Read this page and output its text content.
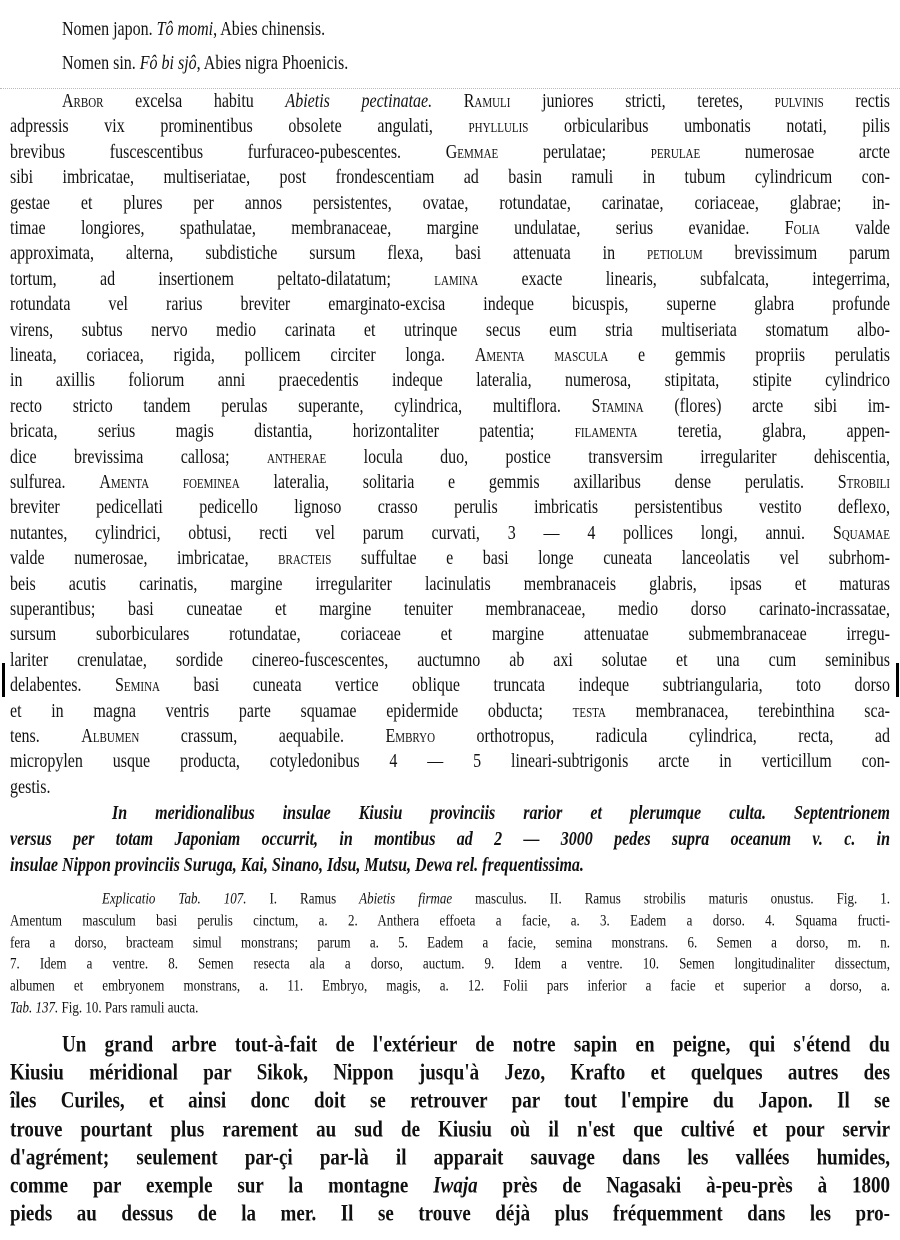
Nomen japon. Tô momi, Abies chinensis.
Nomen sin. Fô bi sjô, Abies nigra Phoenicis.
Arbor excelsa habitu Abietis pectinatae. Ramuli juniores stricti, teretes, pulvinis rectis
adpressis vix prominentibus obsolete angulati, phyllulis orbicularibus umbonatis notati, pilis
brevibus fuscescentibus furfuraceo-pubescentes. Gemmae perulatae; perulae numerosae arcte
sibi imbricatae, multiseriatae, post frondescentiam ad basin ramuli in tubum cylindricum con-
gestae et plures per annos persistentes, ovatae, rotundatae, carinatae, coriaceae, glabrae; in-
timae longiores, spathulatae, membranaceae, margine undulatae, serius evanidae. Folia valde
approximata, alterna, subdistiche sursum flexa, basi attenuata in petiolum brevissimum parum
tortum, ad insertionem peltato-dilatatum; lamina exacte linearis, subfalcata, integerrima,
rotundata vel rarius breviter emarginato-excisa indeque bicuspis, superne glabra profunde
virens, subtus nervo medio carinata et utrinque secus eum stria multiseriata stomatum albo-
lineata, coriacea, rigida, pollicem circiter longa. Amenta mascula e gemmis propriis perulatis
in axillis foliorum anni praecedentis indeque lateralia, numerosa, stipitata, stipite cylindrico
recto stricto tandem perulas superante, cylindrica, multiflora. Stamina (flores) arcte sibi im-
bricata, serius magis distantia, horizontaliter patentia; filamenta teretia, glabra, appen-
dice brevissima callosa; antherae locula duo, postice transversim irregulariter dehiscentia,
sulfurea. Amenta foeminea lateralia, solitaria e gemmis axillaribus dense perulatis. Strobili
breviter pedicellati pedicello lignoso crasso perulis imbricatis persistentibus vestito deflexo,
nutantes, cylindrici, obtusi, recti vel parum curvati, 3 — 4 pollices longi, annui. Squamae
valde numerosae, imbricatae, bracteis suffultae e basi longe cuneata lanceolatis vel subrhom-
beis acutis carinatis, margine irregulariter lacinulatis membranaceis glabris, ipsas et maturas
superantibus; basi cuneatae et margine tenuiter membranaceae, medio dorso carinato-incrassatae,
sursum suborbiculares rotundatae, coriaceae et margine attenuatae submembranaceae irregu-
lariter crenulatae, sordide cinereo-fuscescentes, auctumno ab axi solutae et una cum seminibus
delabentes. Semina basi cuneata vertice oblique truncata indeque subtriangularia, toto dorso
et in magna ventris parte squamae epidermide obducta; testa membranacea, terebinthina sca-
tens. Albumen crassum, aequabile. Embryo orthotropus, radicula cylindrica, recta, ad
micropylen usque producta, cotyledonibus 4 — 5 lineari-subtrigonis arcte in verticillum con-
gestis.
In meridionalibus insulae Kiusiu provinciis rarior et plerumque culta. Septentrionem
versus per totam Japoniam occurrit, in montibus ad 2 — 3000 pedes supra oceanum v. c. in
insulae Nippon provinciis Suruga, Kai, Sinano, Idsu, Mutsu, Dewa rel. frequentissima.
Explicatio Tab. 107. I. Ramus Abietis firmae masculus. II. Ramus strobilis maturis onustus. Fig. 1.
Amentum masculum basi perulis cinctum, a. 2. Anthera effoeta a facie, a. 3. Eadem a dorso. 4. Squama fructi-
fera a dorso, bracteam simul monstrans; parum a. 5. Eadem a facie, semina monstrans. 6. Semen a dorso, m. n.
7. Idem a ventre. 8. Semen resecta ala a dorso, auctum. 9. Idem a ventre. 10. Semen longitudinaliter dissectum,
albumen et embryonem monstrans, a. 11. Embryo, magis, a. 12. Folii pars inferior a facie et superior a dorso, a.
Tab. 137. Fig. 10. Pars ramuli aucta.
Un grand arbre tout-à-fait de l'extérieur de notre sapin en peigne, qui s'étend du
Kiusiu méridional par Sikok, Nippon jusqu'à Jezo, Krafto et quelques autres des
îles Curiles, et ainsi donc doit se retrouver par tout l'empire du Japon. Il se
trouve pourtant plus rarement au sud de Kiusiu où il n'est que cultivé et pour servir
d'agrément; seulement par-çi par-là il apparait sauvage dans les vallées humides,
comme par exemple sur la montagne Iwaja près de Nagasaki à-peu-près à 1800
pieds au dessus de la mer. Il se trouve déjà plus fréquemment dans les pro-
